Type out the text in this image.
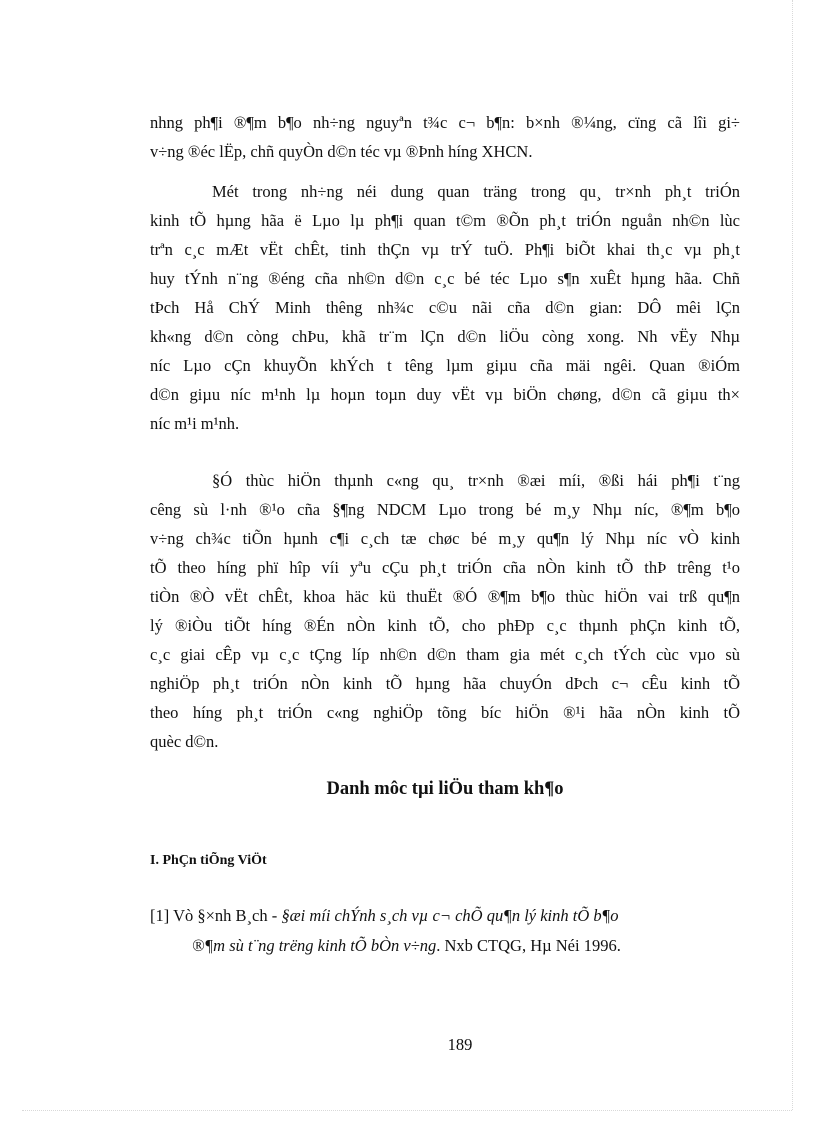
nhng ph¶i ®¶m b¶o nh÷ng nguyªn t¾c c¬ b¶n: b×nh ®¼ng, cïng cã lîi gi÷
v÷ng ®éc lËp, chñ quyÒn d©n téc vµ ®Þnh híng XHCN.
Mét trong nh÷ng néi dung quan träng trong qu¸ tr×nh ph¸t triÓn
kinh tÕ hµng hãa ë Lµo lµ ph¶i quan t©m ®Õn ph¸t triÓn nguån nh©n lùc
trªn c¸c mÆt vËt chÊt, tinh thÇn vµ trÝ tuÖ. Ph¶i biÕt khai th¸c vµ ph¸t
huy tÝnh n¨ng ®éng cña nh©n d©n c¸c bé téc Lµo s¶n xuÊt hµng hãa. Chñ
tÞch Hå ChÝ Minh thêng nh¾c c©u nãi cña d©n gian: DÔ mêi lÇn
kh«ng d©n còng chÞu, khã tr¨m lÇn d©n liÖu còng xong. Nh vËy Nhµ
níc Lµo cÇn khuyÕn khÝch t têng lµm giµu cña mäi ngêi. Quan ®iÓm
d©n giµu níc m¹nh lµ hoµn toµn duy vËt vµ biÖn chøng, d©n cã giµu th×
níc m¹i m¹nh.
§Ó thùc hiÖn thµnh c«ng qu¸ tr×nh ®æi míi, ®ßi hái ph¶i t¨ng
cêng sù l·nh ®¹o cña §¶ng NDCM Lµo trong bé m¸y Nhµ níc, ®¶m b¶o
v÷ng ch¾c tiÕn hµnh c¶i c¸ch tæ chøc bé m¸y qu¶n lý Nhµ níc vÒ kinh
tÕ theo híng phï hîp víi yªu cÇu ph¸t triÓn cña nÒn kinh tÕ thÞ trêng t¹o
tiÒn ®Ò vËt chÊt, khoa häc kü thuËt ®Ó ®¶m b¶o thùc hiÖn vai trß qu¶n
lý ®iÒu tiÕt híng ®Én nÒn kinh tÕ, cho phÐp c¸c thµnh phÇn kinh tÕ,
c¸c giai cÊp vµ c¸c tÇng líp nh©n d©n tham gia mét c¸ch tÝch cùc vµo sù
nghiÖp ph¸t triÓn nÒn kinh tÕ hµng hãa chuyÓn dÞch c¬ cÊu kinh tÕ
theo híng ph¸t triÓn c«ng nghiÖp tõng bíc hiÖn ®¹i hãa nÒn kinh tÕ
quèc d©n.
Danh môc tµi liÖu tham kh¶o
I. PhÇn tiÕng ViÖt
[1] Vò §×nh B¸ch - §æi míi chÝnh s¸ch vµ c¬ chÕ qu¶n lý kinh tÕ b¶o
®¶m sù t¨ng trëng kinh tÕ bÒn v÷ng. Nxb CTQG, Hµ Néi 1996.
189
